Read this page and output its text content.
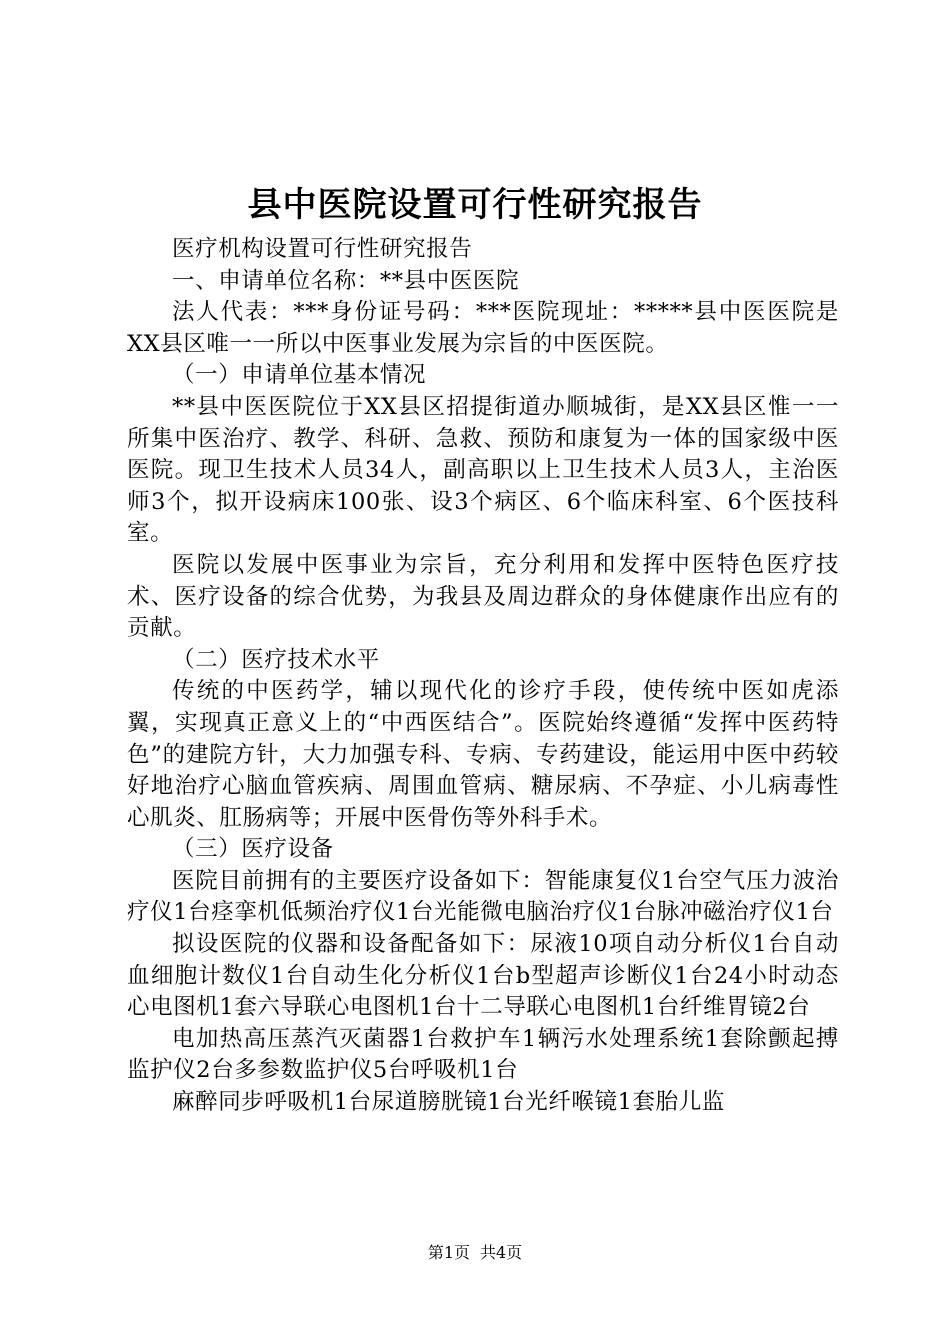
县中医院设置可行性研究报告

医疗机构设置可行性研究报告

一、申请单位名称：**县中医医院

法人代表：***身份证号码：***医院现址：*****县中医医院是XX县区唯一一所以中医事业发展为宗旨的中医医院。

（一）申请单位基本情况

**县中医医院位于XX县区招提街道办顺城街，是XX县区惟一一所集中医治疗、教学、科研、急救、预防和康复为一体的国家级中医医院。现卫生技术人员34人，副高职以上卫生技术人员3人，主治医师3个，拟开设病床100张、设3个病区、6个临床科室、6个医技科室。

医院以发展中医事业为宗旨，充分利用和发挥中医特色医疗技术、医疗设备的综合优势，为我县及周边群众的身体健康作出应有的贡献。

（二）医疗技术水平

传统的中医药学，辅以现代化的诊疗手段，使传统中医如虎添翼，实现真正意义上的“中西医结合”。医院始终遵循“发挥中医药特色”的建院方针，大力加强专科、专病、专药建设，能运用中医中药较好地治疗心脑血管疾病、周围血管病、糖尿病、不孕症、小儿病毒性心肌炎、肛肠病等；开展中医骨伤等外科手术。

（三）医疗设备

医院目前拥有的主要医疗设备如下：智能康复仪1台空气压力波治疗仪1台痉挛机低频治疗仪1台光能微电脑治疗仪1台脉冲磁治疗仪1台

拟设医院的仪器和设备配备如下：尿液10项自动分析仪1台自动血细胞计数仪1台自动生化分析仪1台b型超声诊断仪1台24小时动态心电图机1套六导联心电图机1台十二导联心电图机1台纤维胃镜2台

电加热高压蒸汽灭菌器1台救护车1辆污水处理系统1套除颤起搏监护仪2台多参数监护仪5台呼吸机1台

麻醉同步呼吸机1台尿道膀胱镜1台光纤喉镜1套胎儿监

第1页 共4页
